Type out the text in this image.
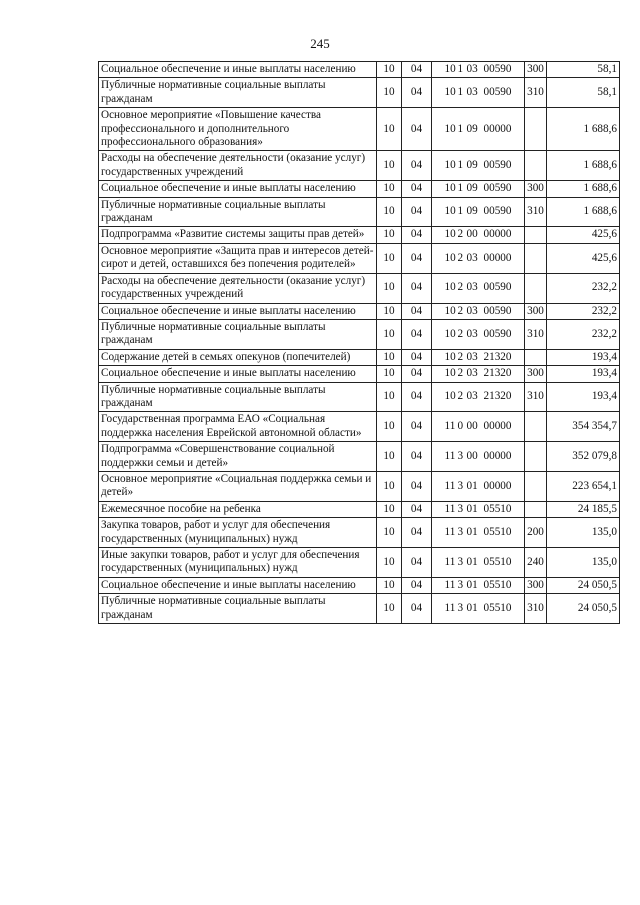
245
Социальное обеспечение и иные выплаты населению	10	04	10 1 03 00590	300	58,1
Публичные нормативные социальные выплаты гражданам	10	04	10 1 03 00590	310	58,1
Основное мероприятие «Повышение качества профессионального и дополнительного профессионального образования»	10	04	10 1 09 00000		1 688,6
Расходы на обеспечение деятельности (оказание услуг) государственных учреждений	10	04	10 1 09 00590		1 688,6
Социальное обеспечение и иные выплаты населению	10	04	10 1 09 00590	300	1 688,6
Публичные нормативные социальные выплаты гражданам	10	04	10 1 09 00590	310	1 688,6
Подпрограмма «Развитие системы защиты прав детей»	10	04	10 2 00 00000		425,6
Основное мероприятие «Защита прав и интересов детей-сирот и детей, оставшихся без попечения родителей»	10	04	10 2 03 00000		425,6
Расходы на обеспечение деятельности (оказание услуг) государственных учреждений	10	04	10 2 03 00590		232,2
Социальное обеспечение и иные выплаты населению	10	04	10 2 03 00590	300	232,2
Публичные нормативные социальные выплаты гражданам	10	04	10 2 03 00590	310	232,2
Содержание детей в семьях опекунов (попечителей)	10	04	10 2 03 21320		193,4
Социальное обеспечение и иные выплаты населению	10	04	10 2 03 21320	300	193,4
Публичные нормативные социальные выплаты гражданам	10	04	10 2 03 21320	310	193,4
Государственная программа ЕАО «Социальная поддержка населения Еврейской автономной области»	10	04	11 0 00 00000		354 354,7
Подпрограмма «Совершенствование социальной поддержки семьи и детей»	10	04	11 3 00 00000		352 079,8
Основное мероприятие «Социальная поддержка семьи и детей»	10	04	11 3 01 00000		223 654,1
Ежемесячное пособие на ребенка	10	04	11 3 01 05510		24 185,5
Закупка товаров, работ и услуг для обеспечения государственных (муниципальных) нужд	10	04	11 3 01 05510	200	135,0
Иные закупки товаров, работ и услуг для обеспечения государственных (муниципальных) нужд	10	04	11 3 01 05510	240	135,0
Социальное обеспечение и иные выплаты населению	10	04	11 3 01 05510	300	24 050,5
Публичные нормативные социальные выплаты гражданам	10	04	11 3 01 05510	310	24 050,5
